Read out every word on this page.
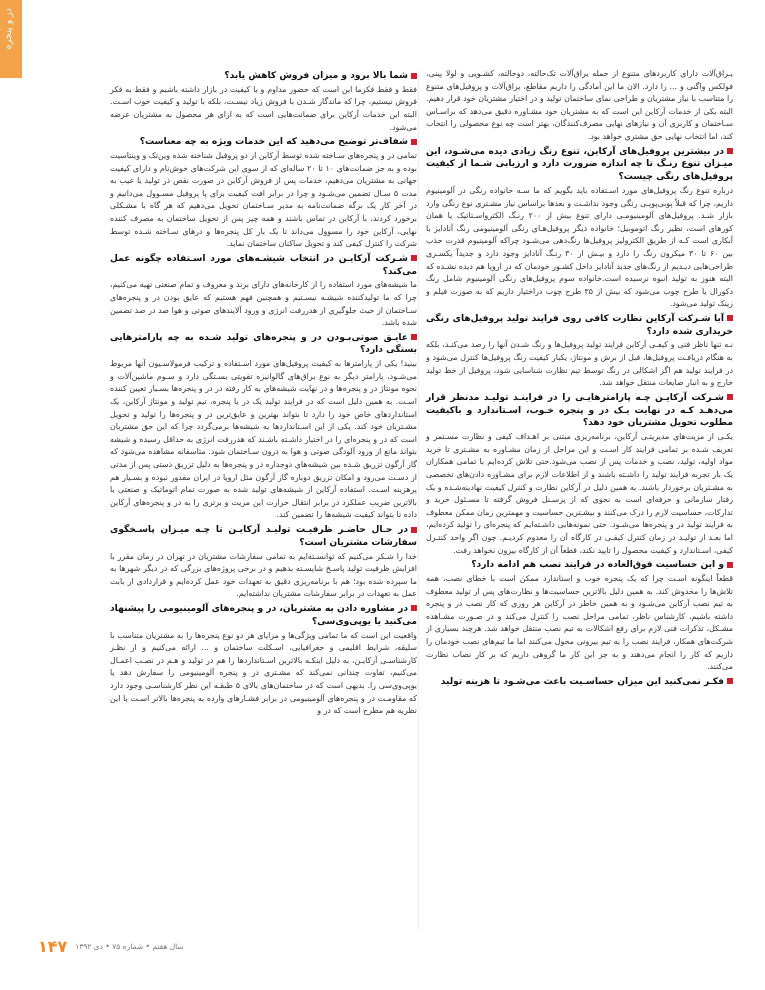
در و پنجره

یـراق‌آلات دارای کاربردهای متنوع از جمله یراق‌آلات تک‌حالته، دوحالته، کشـویی و لولا پینی، فولکس واگنی و ... را دارد. الان ما این آمادگی را داریم مقاطع، یراق‌آلات و پروفیل‌های متنوع را متناسب با نیاز مشتریان و طراحی نمای ساختمان تولید و در اختیار مشتریان خود قرار دهیم. البته یکی از خدمات آرکاین این است که به مشتریان خود مشـاوره دقیق می‌دهد که براسـاس سـاختمان و کاربری آن و نیازهای نهایی مصرف‌کنندگان، بهتر است چه نوع محصولی را انتخاب کند، اما انتخاب نهایی حق مشتری خواهد بود.

در بیشترین پروفیل‌های آرکاین، تنوع رنگ زیادی دیده می‌شـود، این میـزان تنوع رنـگ تا چه اندازه ضرورت دارد و ارزیابی شـما از کیفیت پروفیل‌های رنگی چیست؟

درباره تنوع رنگ پروفیل‌های مورد اسـتفاده باید بگویم که ما سـه خانواده رنگی در آلومینیوم داریم، چرا که قبلاً پوبی‌پوپـی رنگی وجود نداشـت و بعدها براساس نیاز مشـتری نوع رنگی وارد بازار شـد. پروفیل‌های آلومینیومـی دارای تنوع بیش از ۲۰۰ رنـگ الکترواسـتاتیک یا همان کورهای است، نظیر رنگ اتوموبیل؛ خانواده دیگر پروفیل‌هـای رنگی آلومینیومی رنگ آنادایز یا آبکاری است کـه از طریق الکترولیز پروفیل‌ها رنگ‌دهی می‌شـود چراکه آلومینیوم قدرت جذب بین ۶۰ تا ۳۰ میکرون رنگ را دارد و بیـش از ۳۰ رنـگ آنادایز وجود دارد و جدیداً یکسـری طراحی‌هایی دیـدیم از رنگ‌های جدید آنادایز داخل کشـور خودمان که در اروپا هم دیده نشـده که البته هنوز به تولید انبوه نرسیده است.خانواده سوم پروفیل‌های رنگی آلومینیوم شامل رنگ دکورال یا طرح چوب می‌شود که بیش از ۳۵ طرح چوب دراختیار داریم که به صورت فیلم و زینک تولید می‌شود.

آیا شـرکت آرکاین نظارت کافی روی فرایند تولید پروفیل‌های رنگی خریداری شده دارد؟

نـه تنها ناظر فنی و کیفـی آرکاین فرایند تولید پروفیل‌ها و رنگ شـدن آنها را رصد می‌کنـد، بلکه به هنگام دریافـت پروفیل‌ها، قبل از برش و مونتاژ، یکبار کیفیت رنگ پروفیل‌ها کنترل می‌شود و در فرایند تولید هم اگر اشکالی در رنگ توسط تیم نظارت شناسایی شود، پروفیل از خط تولید خارج و به انبار ضایعات منتقل خواهد شد.

شـرکت آرکایـن چـه پارامترهایـی را در فراینـد تولیـد مدنظر قرار می‌دهـد کـه در نهایت یـک در و پنجره خـوب، اسـتاندارد و باکیفیت مطلوب تحویل مشتریان خود دهد؟

یکـی از مزیت‌های مدیریتـی آرکاین، برنامه‌ریزی مبتنی بر اهـداف کیفی و نظارت مسـتمر و تعریف شـده بر تمامی فرایند کار اسـت و این مراحل از زمان مشـاوره به مشـتری تا خرید مواد اولیه، تولید، نصب و خدمات پس از نصب می‌شود.حتی تلاش کرده‌ایم با تمامی همکاران یک بار تجربه فرایند تولید را داشـته باشند و از اطلاعات لازم برای مشـاوره دادن‌های تخصصی به مشـتریان برخوردار باشند. به همین دلیل در آرکاین نظارت و کنترل کیفیت نهادینه‌شـده و یک رفتار سازمانی و حرفه‌ای است به نحوی که از پرسـنل فروش گرفته تا مسـئول خرید و تدارکات، حساسیت لازم را درک می‌کنند و بیشـترین حساسیت و مهمترین زمان ممکن معطوف به فرایند تولید در و پنجره‌ها می‌شـود. حتی نمونه‌هایی داشـته‌ایم که پنجره‌ای را تولید کرده‌ایم، اما بعـد از تولیـد در زمان کنترل کیفـی در کارگاه آن را معدوم کردیـم. چون اگر واحد کنتـرل کیفی، اسـتاندارد و کیفیت محصول را تایید نکند، قطعاً آن از کارگاه بیرون نخواهد رفت.

و این حساسیت فوق‌العاده در فرایند نصب هم ادامه دارد؟

قطعاً اینگونه اسـت چرا که یک پنجره خوب و استاندارد ممکن است با خطای نصب، همه تلاش‌ها را مخدوش کند. به همین دلیل بالاترین حساسیت‌ها و نظارت‌های پس از تولید معطوف به تیم نصب آرکاین می‌شـود و به همین خاطر در آرکاین هر روزی که کار نصب در و پنجره داشته باشیم، کارشناس ناظر، تمامی مراحل نصب را کنترل می‌کند و در صـورت مشـاهده مشـکل، تذکرات فنی لازم برای رفع اشکالات به تیم نصب منتقل خواهد شد. هرچند بسیاری از شرکت‌های همکار، فرایند نصب را به تیم بیرونی محول می‌کنند اما ما تیم‌های نصب خودمان را داریم که کار را انجام می‌دهند و به جز این کار ما گروهی داریم که بر کار نصاب نظارت می‌کنند.

فکـر نمی‌کنید این میزان حساسـیت باعث می‌شـود تا هزینه تولید
شما بالا برود و میزان فروش کاهش یابد؟

فقط و فقط فکرما این است که حضور مداوم و با کیفیت در بازار داشته باشیم و فقط به فکر فروش نیستیم، چرا که ماندگار شـدن با فروش زیاد نیسـت، بلکه با تولید و کیفیت خوب اسـت. البته این خدمات آرکاین برای ضمانت‌هایی است که به ازای هر محصول به مشتریان عرضه می‌شود.

شفاف‌تر توضیح می‌دهید که این خدمات ویژه به چه معناست؟

تمامی در و پنجره‌های سـاخته شده توسط آرکاین از دو پروفیل شناخته شده وین‌تک و وینتاسیت بوده و به جز ضمانت‌های ۱۰ تا ۲۰ ساله‌ای که از سوی این شرکت‌های خوش‌نام و دارای کیفیت جهانی به مشتریان می‌دهیم، خدمات پس از فروش آرکاین در صورت نقص در تولید یا عیب به مدت ۵ سـال تضمین می‌شـود و چرا در برابر افت کیفیت برای پا پروفیل مسـوول می‌دانیم و در آخر کار یک برگه ضمانت‌نامه به مدیر سـاختمان تحویل می‌دهیم که هر گاه با مشـکلی برخورد کردند، با آرکاین در تماس باشند و همه چیز پس از تحویل ساختمان به مصرف کننده نهایی، آرکاین خود را مسوول می‌داند تا یک بار کل پنجره‌ها و درهای سـاخته شـده توسط شرکت را کنترل کیفی کند و تحویل ساکنان ساختمان نماید.

شـرکت آرکایـن در انتخاب شیشـه‌های مورد اسـتفاده چگونه عمل می‌کند؟

ما شیشه‌های مورد استفاده را از کارخانه‌های دارای برند و معروف و تمام صنعتی تهیه می‌کنیم، چرا که ما تولیدکننده شیشـه نیسـتیم و همچنین فهم هستیم که عایق بودن در و پنجره‌های سـاختمان از حیث جلوگیری از هدررفت انرژی و ورود آلایندهای صوتی و هوا صد در صد تضمین شده باشد.

عایـق صوتی‌بـودن در و پنجره‌های تولید شـده به چه پارامترهایی بستگی دارد؟

بینید! یکی از پارامترها به کیفیت پروفیل‌های مورد اسـتفاده و ترکیب فرمولاسـیون آنها مربوط می‌شـود، پارامتر دیگر به نوع یراق‌های گالوانیزه تقویتی بسـتگی دارد و سـوم ماشین‌آلات و نحوه مونتاژ در و پنجره‌ها و در نهایت شیشه‌های به کار رفته در در و پنجره‌ها بسـیار تعیین کننده اسـت. به همین دلیل است که در فرایند تولید یک در یا پنجره، تیم تولید و مونتاژ آرکاین، یک استانداردهای خاص خود را دارد تا بتواند بهترین و عایق‌ترین در و پنجره‌ها را تولید و تحویل مشـتریان خود کند. یکی از این اسـتانداردها به شیشه‌ها برمی‌گردد چرا که این حق مشتریان است که در و پنجره‌ای را در اختیار داشـته باشـند که هدررفت انرژی به حداقل رسیده و شیشه بتواند مانع از ورود آلودگی صوتی و هوا به درون سـاختمان شود. متاسفانه مشاهده می‌شود که گاز آرگون تزریق شـده بین شیشه‌های دوجداره در و پنجره‌ها به دلیل تزریق دستی پس از مدتی از دسـت می‌رود و امکان تزریق دوباره گاز آرگون مثل اروپا در ایران مقدور نبوده و بسـیار هم پرهزینه اسـت. استفاده آرکاین از شیشه‌های تولید شده به صورت تمام اتوماتیک و صنعتی با بالاترین ضریب عملکرد در برابر انتقال حرارت این مزیت و برتری را به در و پنجره‌های آرکاین داده تا بتواند کیفیت شیشه‌ها را تضمین کند.

در حـال حاضـر ظرفیـت تولیـد آرکایـن تا چـه میـزان پاسـخگوی سفارشات مشتریان است؟

خدا را شـکر می‌کنیم که توانسـته‌ایم به تمامی سفارشات مشتریان در تهران در زمان مقرر با افزایش ظرفیت تولید پاسـخ شایسـته بدهیم و در برخی پروژه‌های بزرگی که در دیگر شهرها به ما سپرده شده بود؛ هم با برنامه‌ریزی دقیق به تعهدات خود عمل کرده‌ایم و قراردادی از بابت عمل به تعهدات در برابر سفارشات مشتریان نداشته‌ایم.

در مشاوره دادن به مشتریان، در و پنجره‌های آلومینیومی را پیشنهاد می‌کنید یا یوپی‌وی‌سی؟

واقعیت این است که ما تمامی ویژگی‌ها و مزایای هر دو نوع پنجره‌ها را به مشتریان متناسب با سلیقه، شرایط اقلیمی و جغرافیایی، اسـکلت ساختمان و ... ارائه می‌کنیم و از نظـر کارشناسـی آرکایـن، به دلیل اینکـه بالاترین اسـتانداردها را هم در تولید و هـم در نصـب اعمـال می‌کنیم، تفاوت چندانی نمی‌کند که مشـتری در و پنجره آلومینیومی را سفارش دهد یا یوپی‌وی‌سی را. بدیهی است که در ساختمان‌های بالای ۵ طبقـه این نظر کارشناسـی وجود دارد که مقاومـت در و پنجره‌های آلومینیومی در برابر فشـارهای وارده به پنجره‌ها بالاتر اسـت یا این نظریه هم مطرح است که در و

۱۴۷ سال هفتم • شماره ۷۵ • دی ۱۳۹۲
